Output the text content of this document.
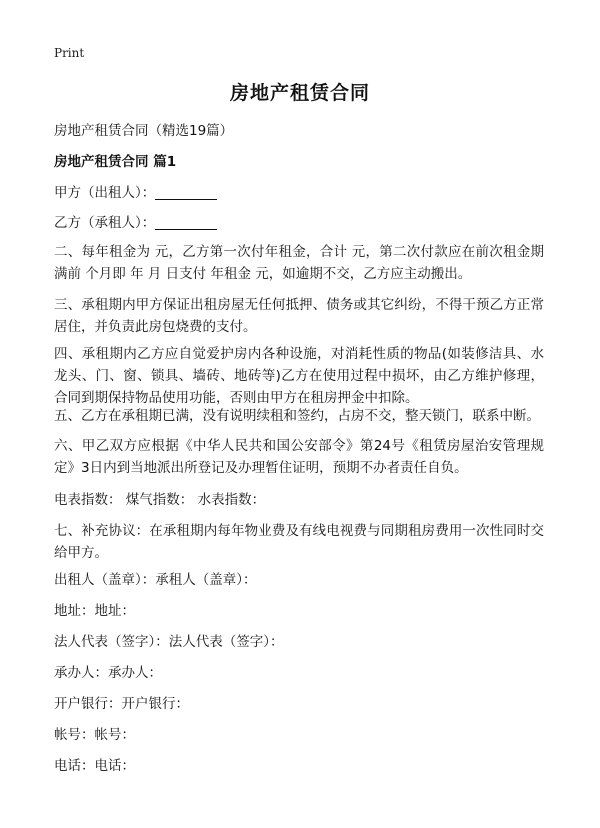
Print
房地产租赁合同

房地产租赁合同（精选19篇）

房地产租赁合同 篇1

甲方（出租人）：

乙方（承租人）：

二、每年租金为 元，乙方第一次付年租金，合计 元，第二次付款应在前次租金期满前 个月即 年 月 日支付 年租金 元，如逾期不交，乙方应主动搬出。

三、承租期内甲方保证出租房屋无任何抵押、债务或其它纠纷，不得干预乙方正常居住，并负责此房包烧费的支付。

四、承租期内乙方应自觉爱护房内各种设施，对消耗性质的物品(如装修洁具、水龙头、门、窗、锁具、墙砖、地砖等)乙方在使用过程中损坏，由乙方维护修理，合同到期保持物品使用功能，否则由甲方在租房押金中扣除。

五、乙方在承租期已满，没有说明续租和签约，占房不交，整天锁门，联系中断。

六、甲乙双方应根据《中华人民共和国公安部令》第24号《租赁房屋治安管理规定》3日内到当地派出所登记及办理暂住证明，预期不办者责任自负。

电表指数： 煤气指数： 水表指数：

七、补充协议：在承租期内每年物业费及有线电视费与同期租房费用一次性同时交给甲方。

出租人（盖章）：承租人（盖章）：

地址：地址：

法人代表（签字）：法人代表（签字）：

承办人：承办人：

开户银行：开户银行：

帐号：帐号：

电话：电话：
